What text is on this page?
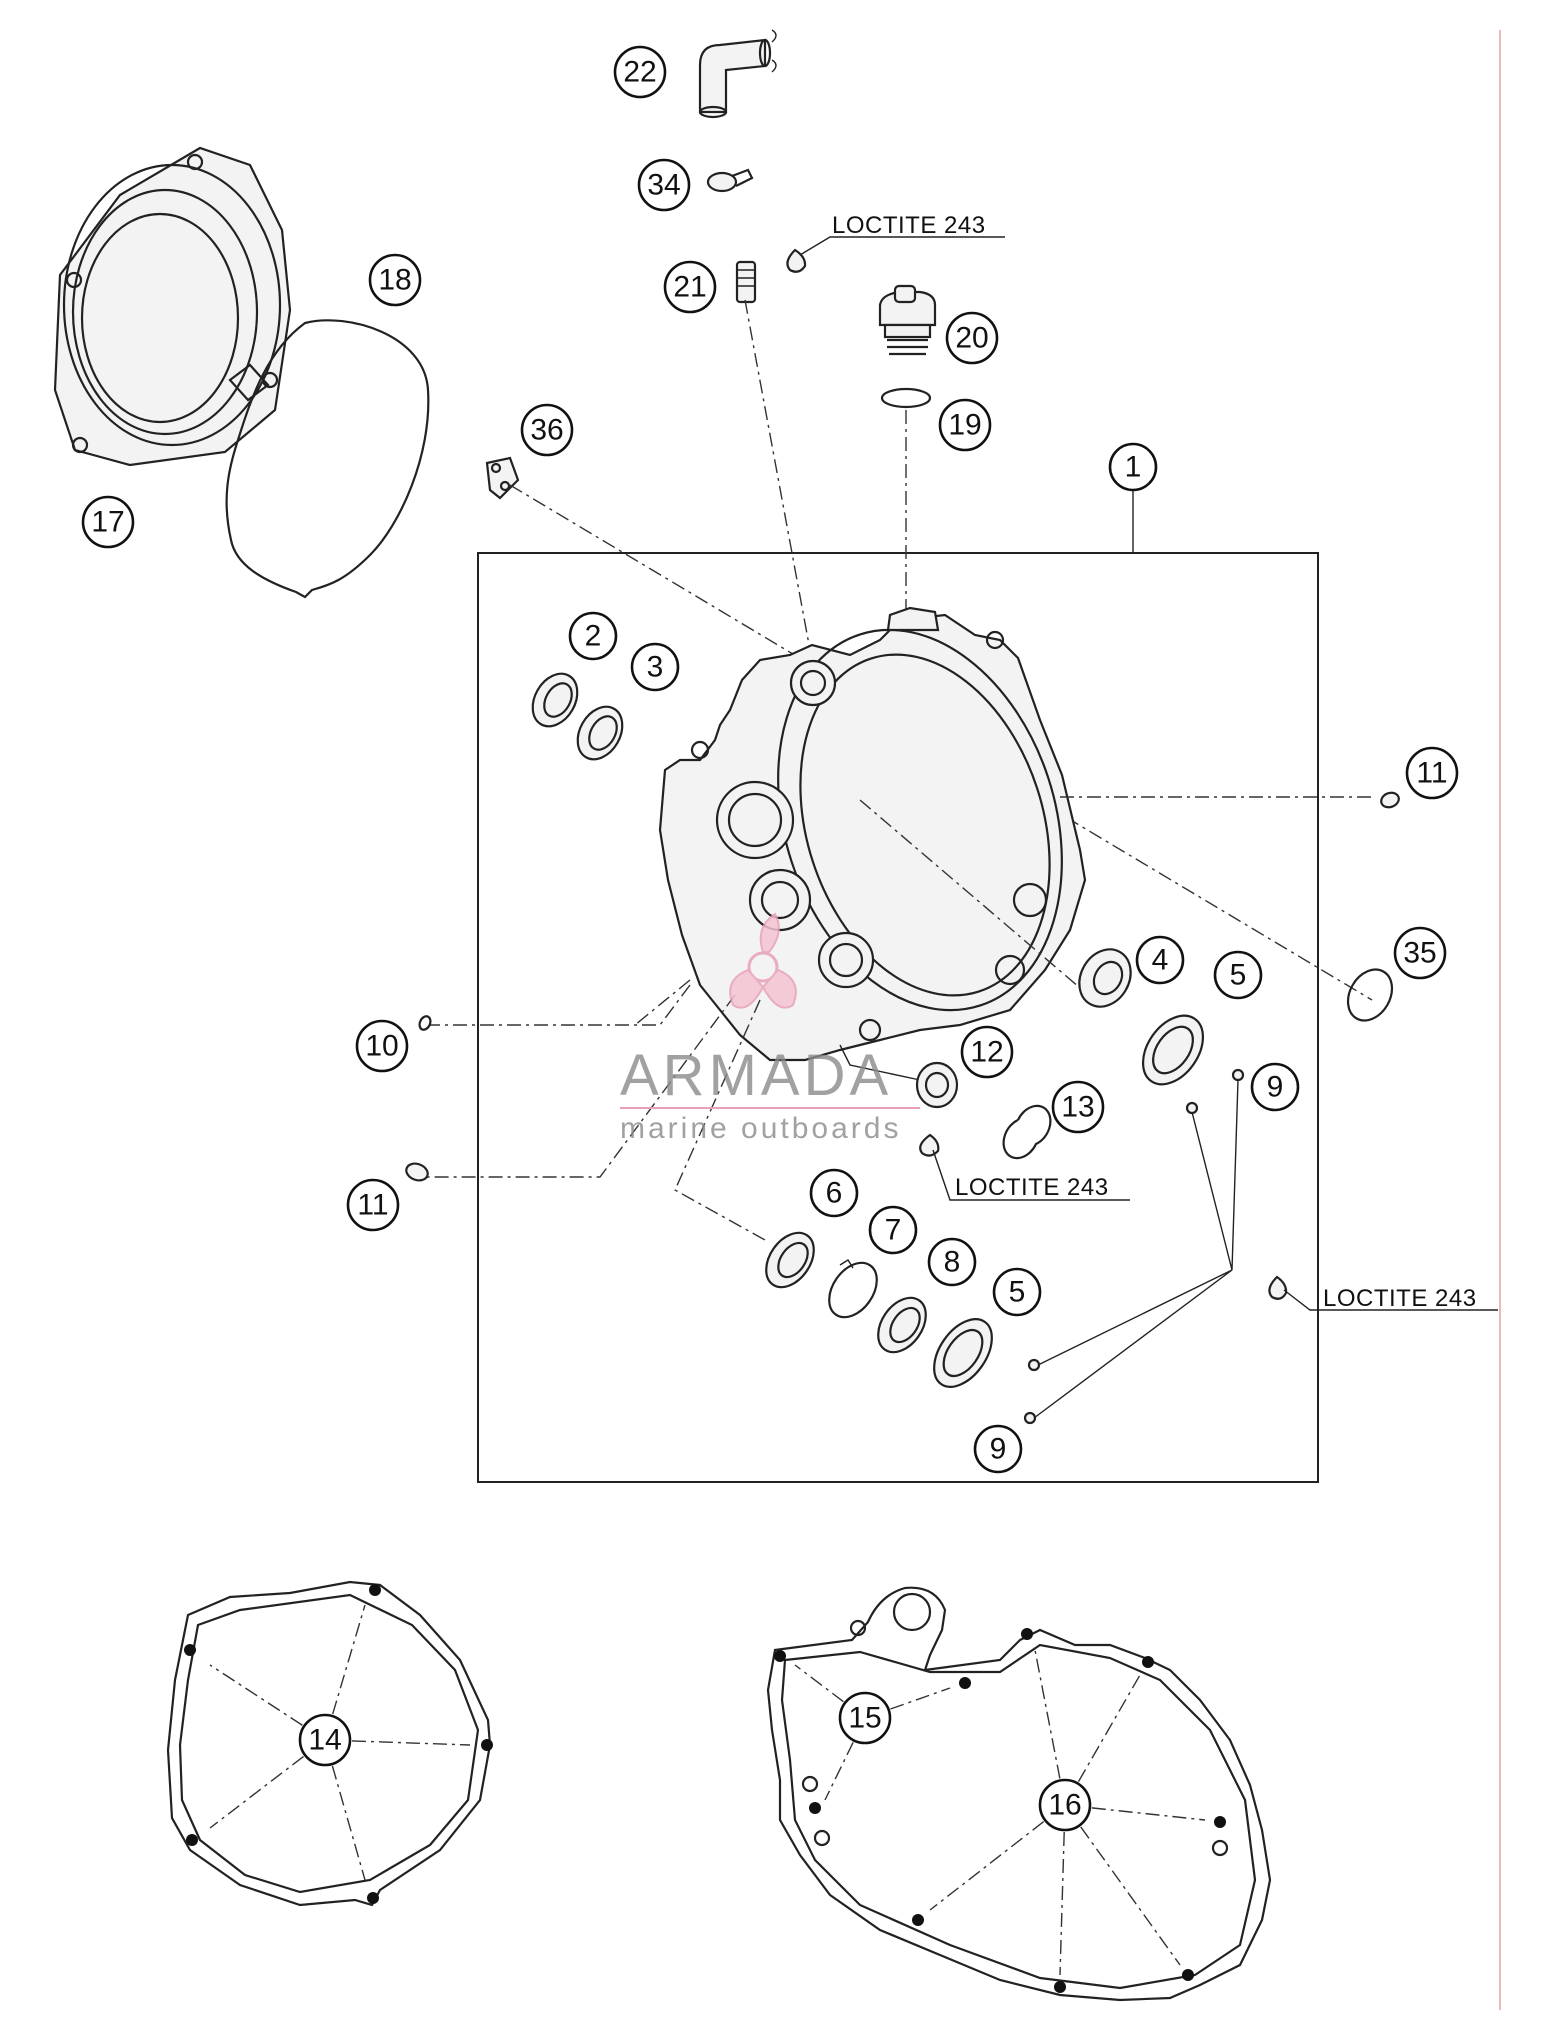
ARMADA
marine outboards
LOCTITE 243
LOCTITE 243
LOCTITE 243
1
2
3
4 5
5
6
7
8
9
9
10
11
11
12
13
14
15
16
17
18
19
20
21
22
34
35
36
